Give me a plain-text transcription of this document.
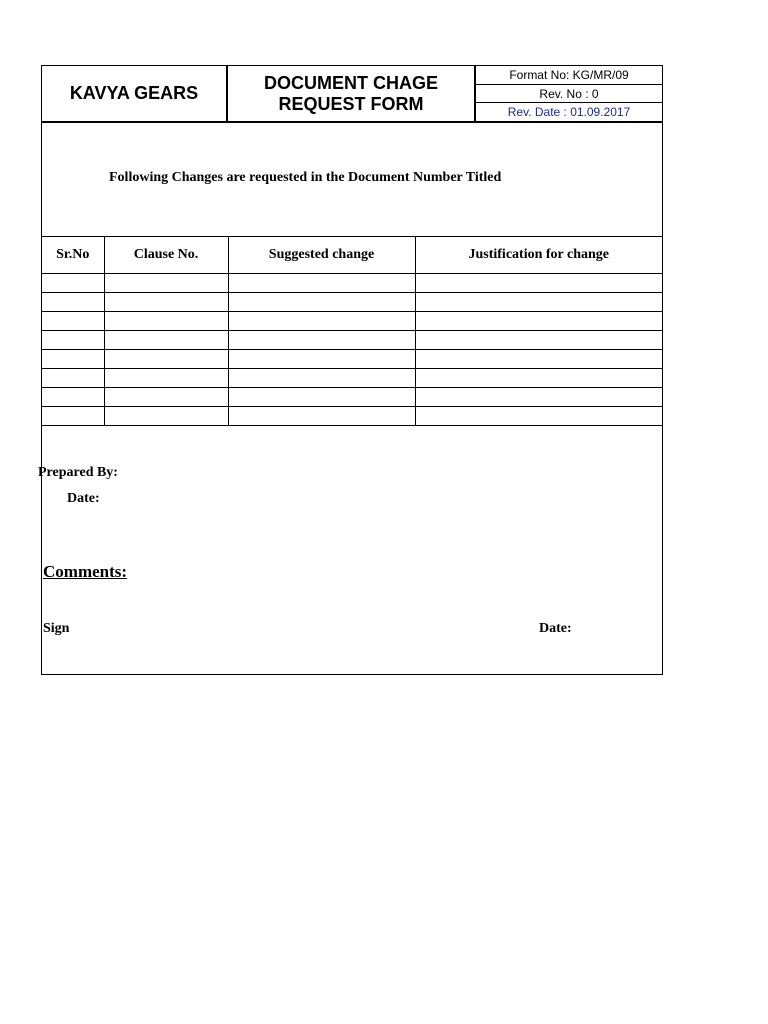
KAVYA GEARS
DOCUMENT CHAGE
REQUEST FORM
Format No: KG/MR/09
Rev. No : 0
Rev. Date : 01.09.2017
Following Changes are requested in the Document Number Titled
Sr.No	Clause No.	Suggested change	Justification for change

Prepared By:
Date:
Comments:
Sign	Date:
